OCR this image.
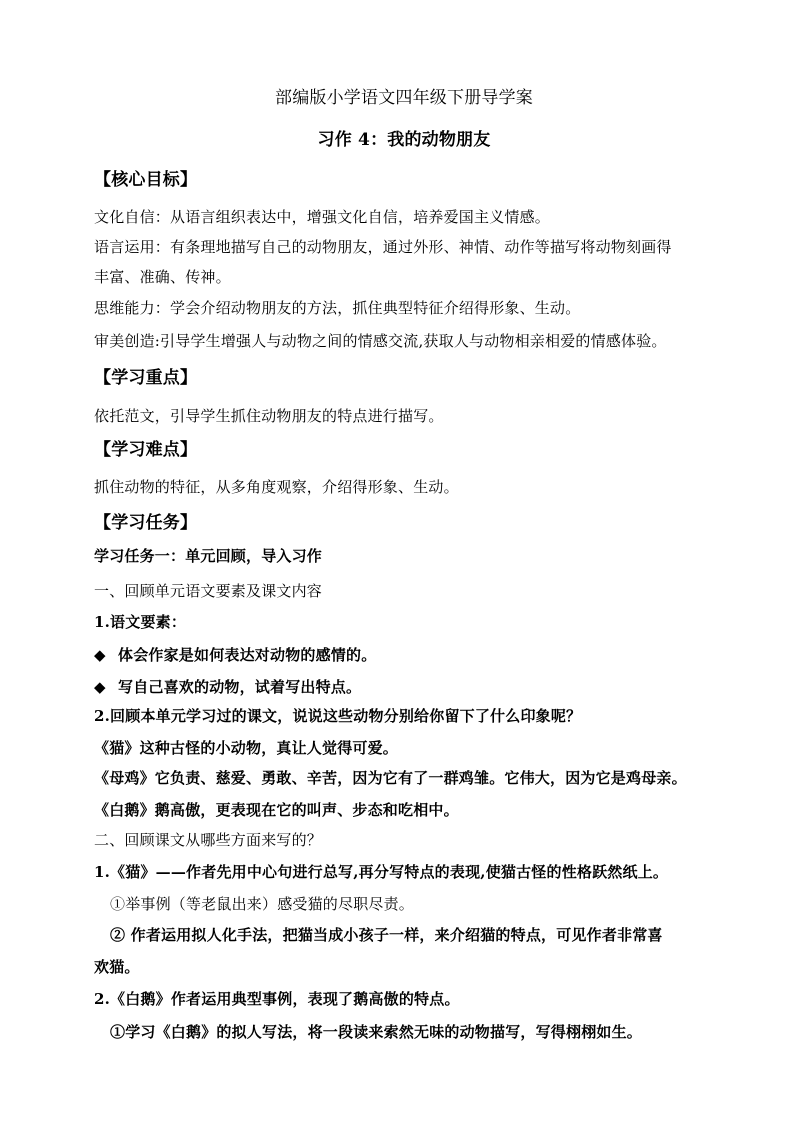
部编版小学语文四年级下册导学案
习作 4：我的动物朋友
【核心目标】
文化自信：从语言组织表达中，增强文化自信，培养爱国主义情感。
语言运用：有条理地描写自己的动物朋友，通过外形、神情、动作等描写将动物刻画得
丰富、准确、传神。
思维能力：学会介绍动物朋友的方法，抓住典型特征介绍得形象、生动。
审美创造:引导学生增强人与动物之间的情感交流,获取人与动物相亲相爱的情感体验。
【学习重点】
依托范文，引导学生抓住动物朋友的特点进行描写。
【学习难点】
抓住动物的特征，从多角度观察，介绍得形象、生动。
【学习任务】
学习任务一：单元回顾，导入习作
一、回顾单元语文要素及课文内容
1.语文要素：
◆ 体会作家是如何表达对动物的感情的。
◆ 写自己喜欢的动物，试着写出特点。
2.回顾本单元学习过的课文，说说这些动物分别给你留下了什么印象呢？
《猫》这种古怪的小动物，真让人觉得可爱。
《母鸡》它负责、慈爱、勇敢、辛苦，因为它有了一群鸡雏。它伟大，因为它是鸡母亲。
《白鹅》鹅高傲，更表现在它的叫声、步态和吃相中。
二、回顾课文从哪些方面来写的？
1.《猫》——作者先用中心句进行总写,再分写特点的表现,使猫古怪的性格跃然纸上。
①举事例（等老鼠出来）感受猫的尽职尽责。
② 作者运用拟人化手法，把猫当成小孩子一样，来介绍猫的特点，可见作者非常喜
欢猫。
2.《白鹅》作者运用典型事例，表现了鹅高傲的特点。
①学习《白鹅》的拟人写法，将一段读来索然无味的动物描写，写得栩栩如生。
